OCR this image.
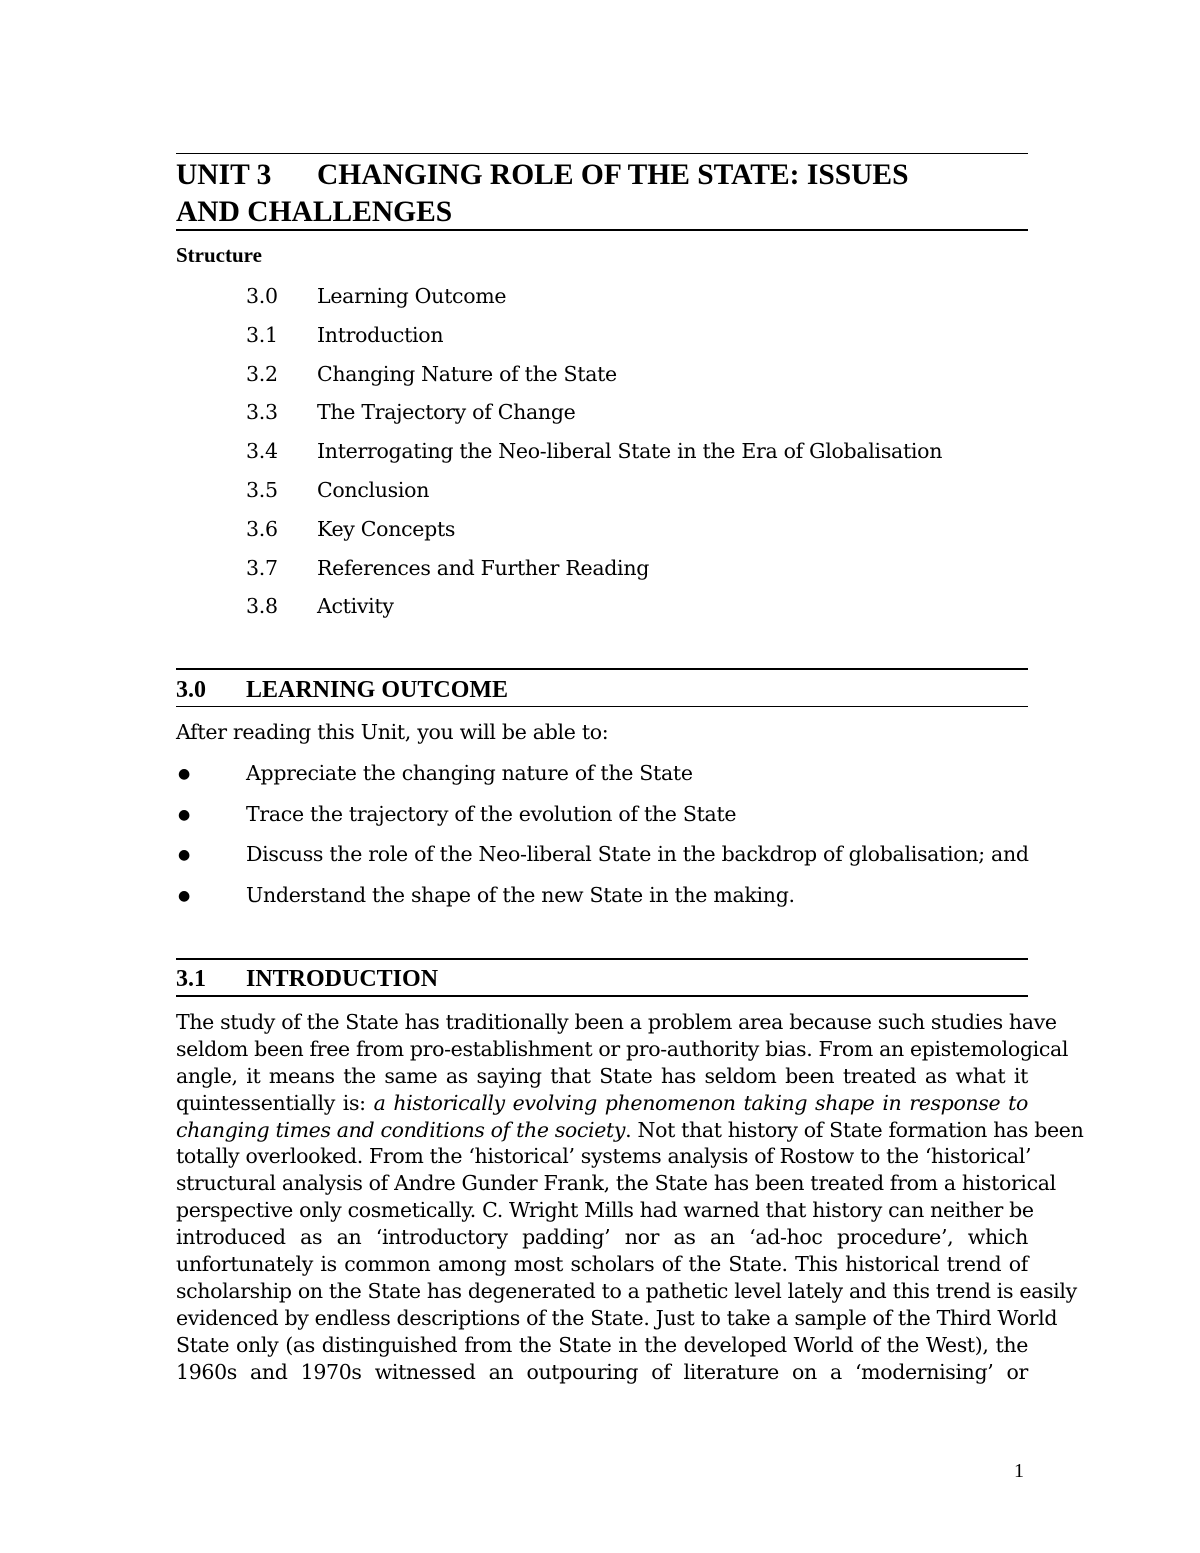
UNIT 3 CHANGING ROLE OF THE STATE: ISSUES
AND CHALLENGES
Structure
3.0 Learning Outcome
3.1 Introduction
3.2 Changing Nature of the State
3.3 The Trajectory of Change
3.4 Interrogating the Neo-liberal State in the Era of Globalisation
3.5 Conclusion
3.6 Key Concepts
3.7 References and Further Reading
3.8 Activity
3.0 LEARNING OUTCOME
After reading this Unit, you will be able to:
●	Appreciate the changing nature of the State
●	Trace the trajectory of the evolution of the State
●	Discuss the role of the Neo-liberal State in the backdrop of globalisation; and
●	Understand the shape of the new State in the making.
3.1 INTRODUCTION
The study of the State has traditionally been a problem area because such studies have
seldom been free from pro-establishment or pro-authority bias. From an epistemological
angle, it means the same as saying that State has seldom been treated as what it
quintessentially is: a historically evolving phenomenon taking shape in response to
changing times and conditions of the society. Not that history of State formation has been
totally overlooked. From the ‘historical’ systems analysis of Rostow to the ‘historical’
structural analysis of Andre Gunder Frank, the State has been treated from a historical
perspective only cosmetically. C. Wright Mills had warned that history can neither be
introduced as an ‘introductory padding’ nor as an ‘ad-hoc procedure’, which
unfortunately is common among most scholars of the State. This historical trend of
scholarship on the State has degenerated to a pathetic level lately and this trend is easily
evidenced by endless descriptions of the State. Just to take a sample of the Third World
State only (as distinguished from the State in the developed World of the West), the
1960s and 1970s witnessed an outpouring of literature on a ‘modernising’ or
1
